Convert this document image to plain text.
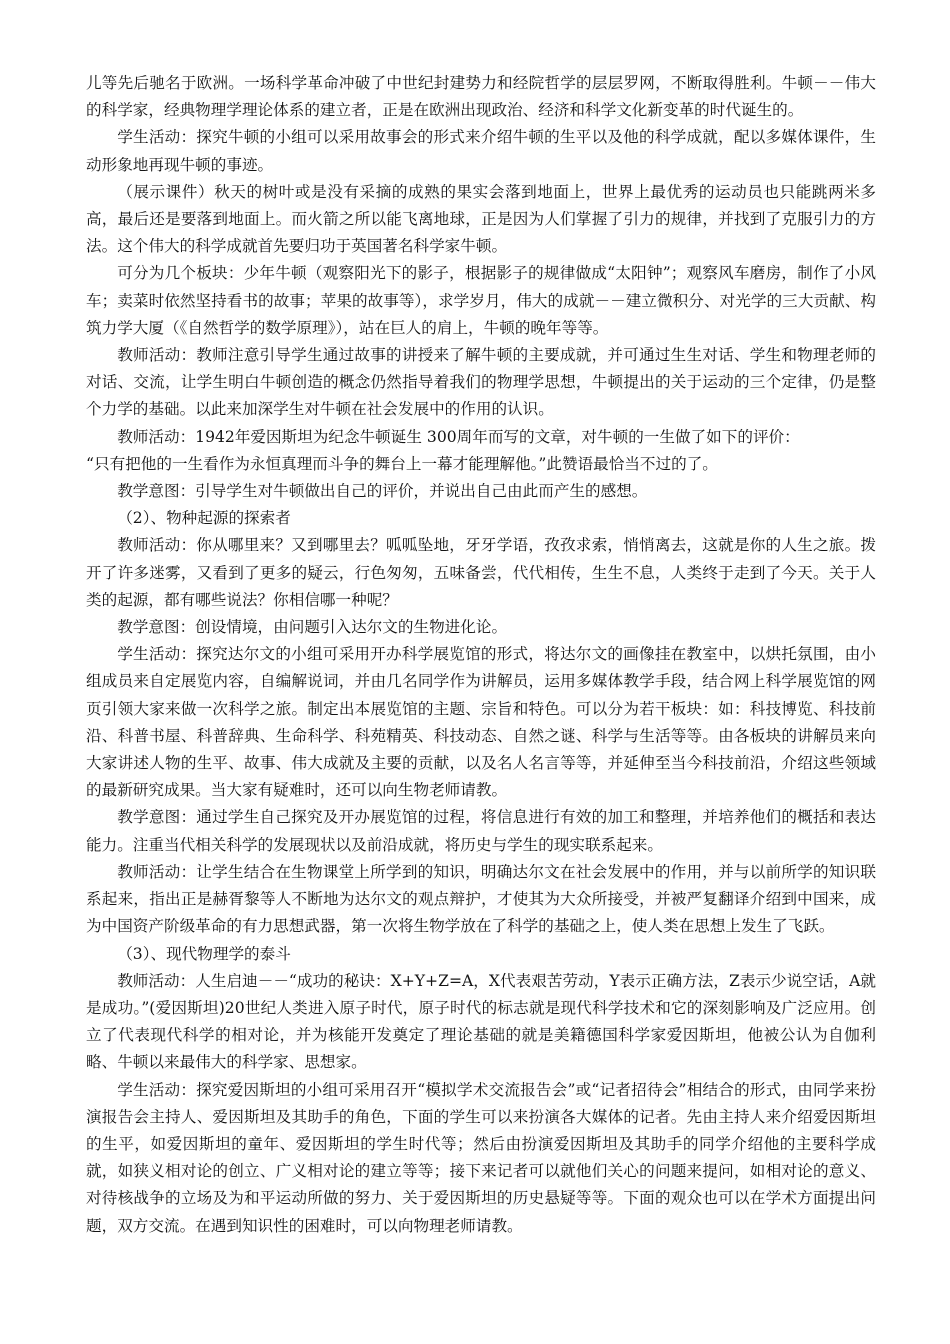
儿等先后驰名于欧洲。一场科学革命冲破了中世纪封建势力和经院哲学的层层罗网，不断取得胜利。牛顿－－伟大的科学家，经典物理学理论体系的建立者，正是在欧洲出现政治、经济和科学文化新变革的时代诞生的。

学生活动：探究牛顿的小组可以采用故事会的形式来介绍牛顿的生平以及他的科学成就，配以多媒体课件，生动形象地再现牛顿的事迹。

（展示课件）秋天的树叶或是没有采摘的成熟的果实会落到地面上，世界上最优秀的运动员也只能跳两米多高，最后还是要落到地面上。而火箭之所以能飞离地球，正是因为人们掌握了引力的规律，并找到了克服引力的方法。这个伟大的科学成就首先要归功于英国著名科学家牛顿。

可分为几个板块：少年牛顿（观察阳光下的影子，根据影子的规律做成“太阳钟”；观察风车磨房，制作了小风车；卖菜时依然坚持看书的故事；苹果的故事等），求学岁月，伟大的成就－－建立微积分、对光学的三大贡献、构筑力学大厦（《自然哲学的数学原理》），站在巨人的肩上，牛顿的晚年等等。

教师活动：教师注意引导学生通过故事的讲授来了解牛顿的主要成就，并可通过生生对话、学生和物理老师的对话、交流，让学生明白牛顿创造的概念仍然指导着我们的物理学思想，牛顿提出的关于运动的三个定律，仍是整个力学的基础。以此来加深学生对牛顿在社会发展中的作用的认识。

教师活动：1942年爱因斯坦为纪念牛顿诞生 300周年而写的文章，对牛顿的一生做了如下的评价：

“只有把他的一生看作为永恒真理而斗争的舞台上一幕才能理解他。”此赞语最恰当不过的了。

教学意图：引导学生对牛顿做出自己的评价，并说出自己由此而产生的感想。

（2）、物种起源的探索者

教师活动：你从哪里来？又到哪里去？呱呱坠地，牙牙学语，孜孜求索，悄悄离去，这就是你的人生之旅。拨开了许多迷雾，又看到了更多的疑云，行色匆匆，五味备尝，代代相传，生生不息，人类终于走到了今天。关于人类的起源，都有哪些说法？你相信哪一种呢？

教学意图：创设情境，由问题引入达尔文的生物进化论。

学生活动：探究达尔文的小组可采用开办科学展览馆的形式，将达尔文的画像挂在教室中，以烘托氛围，由小组成员来自定展览内容，自编解说词，并由几名同学作为讲解员，运用多媒体教学手段，结合网上科学展览馆的网页引领大家来做一次科学之旅。制定出本展览馆的主题、宗旨和特色。可以分为若干板块：如：科技博览、科技前沿、科普书屋、科普辞典、生命科学、科苑精英、科技动态、自然之谜、科学与生活等等。由各板块的讲解员来向大家讲述人物的生平、故事、伟大成就及主要的贡献，以及名人名言等等，并延伸至当今科技前沿，介绍这些领域的最新研究成果。当大家有疑难时，还可以向生物老师请教。

教学意图：通过学生自己探究及开办展览馆的过程，将信息进行有效的加工和整理，并培养他们的概括和表达能力。注重当代相关科学的发展现状以及前沿成就，将历史与学生的现实联系起来。

教师活动：让学生结合在生物课堂上所学到的知识，明确达尔文在社会发展中的作用，并与以前所学的知识联系起来，指出正是赫胥黎等人不断地为达尔文的观点辩护，才使其为大众所接受，并被严复翻译介绍到中国来，成为中国资产阶级革命的有力思想武器，第一次将生物学放在了科学的基础之上，使人类在思想上发生了飞跃。

（3）、现代物理学的泰斗

教师活动：人生启迪－－“成功的秘诀：X+Y+Z=A，X代表艰苦劳动，Y表示正确方法，Z表示少说空话，A就是成功。”(爱因斯坦)20世纪人类进入原子时代，原子时代的标志就是现代科学技术和它的深刻影响及广泛应用。创立了代表现代科学的相对论，并为核能开发奠定了理论基础的就是美籍德国科学家爱因斯坦，他被公认为自伽利略、牛顿以来最伟大的科学家、思想家。

学生活动：探究爱因斯坦的小组可采用召开“模拟学术交流报告会”或“记者招待会”相结合的形式，由同学来扮演报告会主持人、爱因斯坦及其助手的角色，下面的学生可以来扮演各大媒体的记者。先由主持人来介绍爱因斯坦的生平，如爱因斯坦的童年、爱因斯坦的学生时代等；然后由扮演爱因斯坦及其助手的同学介绍他的主要科学成就，如狭义相对论的创立、广义相对论的建立等等；接下来记者可以就他们关心的问题来提问，如相对论的意义、对待核战争的立场及为和平运动所做的努力、关于爱因斯坦的历史悬疑等等。下面的观众也可以在学术方面提出问题，双方交流。在遇到知识性的困难时，可以向物理老师请教。
